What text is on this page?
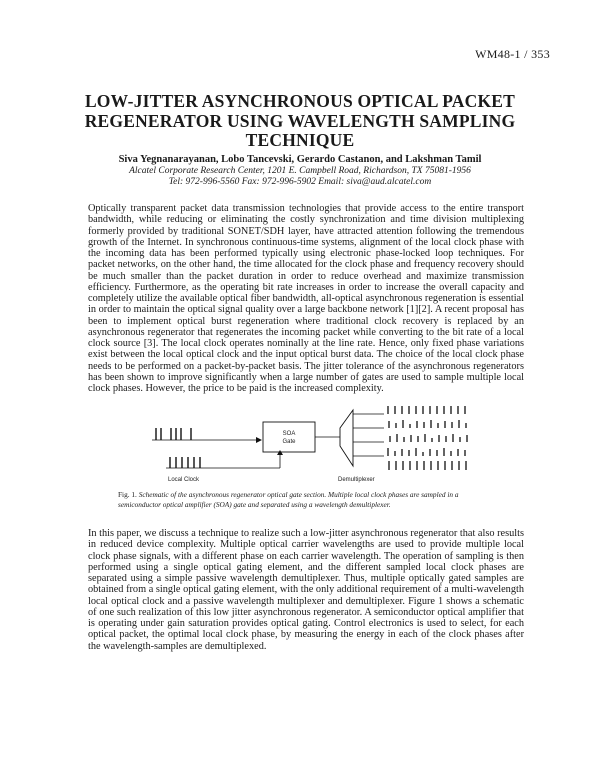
WM48-1 / 353
LOW-JITTER ASYNCHRONOUS OPTICAL PACKET REGENERATOR USING WAVELENGTH SAMPLING TECHNIQUE
Siva Yegnanarayanan, Lobo Tancevski, Gerardo Castanon, and Lakshman Tamil
Alcatel Corporate Research Center, 1201 E. Campbell Road, Richardson, TX 75081-1956
Tel: 972-996-5560 Fax: 972-996-5902 Email: siva@aud.alcatel.com
Optically transparent packet data transmission technologies that provide access to the entire transport bandwidth, while reducing or eliminating the costly synchronization and time division multiplexing formerly provided by traditional SONET/SDH layer, have attracted attention following the tremendous growth of the Internet. In synchronous continuous-time systems, alignment of the local clock phase with the incoming data has been performed typically using electronic phase-locked loop techniques. For packet networks, on the other hand, the time allocated for the clock phase and frequency recovery should be much smaller than the packet duration in order to reduce overhead and maximize transmission efficiency. Furthermore, as the operating bit rate increases in order to increase the overall capacity and completely utilize the available optical fiber bandwidth, all-optical asynchronous regeneration is essential in order to maintain the optical signal quality over a large backbone network [1][2]. A recent proposal has been to implement optical burst regeneration where traditional clock recovery is replaced by an asynchronous regenerator that regenerates the incoming packet while converting to the bit rate of a local clock source [3]. The local clock operates nominally at the line rate. Hence, only fixed phase variations exist between the local optical clock and the input optical burst data. The choice of the local clock phase needs to be performed on a packet-by-packet basis. The jitter tolerance of the asynchronous regenerators has been shown to improve significantly when a large number of gates are used to sample multiple local clock phases. However, the price to be paid is the increased complexity.
SOA
Gate
Local Clock	Demultiplexer
Fig. 1. Schematic of the asynchronous regenerator optical gate section. Multiple local clock phases are sampled in a semiconductor optical amplifier (SOA) gate and separated using a wavelength demultiplexer.
In this paper, we discuss a technique to realize such a low-jitter asynchronous regenerator that also results in reduced device complexity. Multiple optical carrier wavelengths are used to provide multiple local clock phase signals, with a different phase on each carrier wavelength. The operation of sampling is then performed using a single optical gating element, and the different sampled local clock phases are separated using a simple passive wavelength demultiplexer. Thus, multiple optically gated samples are obtained from a single optical gating element, with the only additional requirement of a multi-wavelength local optical clock and a passive wavelength multiplexer and demultiplexer. Figure 1 shows a schematic of one such realization of this low jitter asynchronous regenerator. A semiconductor optical amplifier that is operating under gain saturation provides optical gating. Control electronics is used to select, for each optical packet, the optimal local clock phase, by measuring the energy in each of the clock phases after the wavelength-samples are demultiplexed.
